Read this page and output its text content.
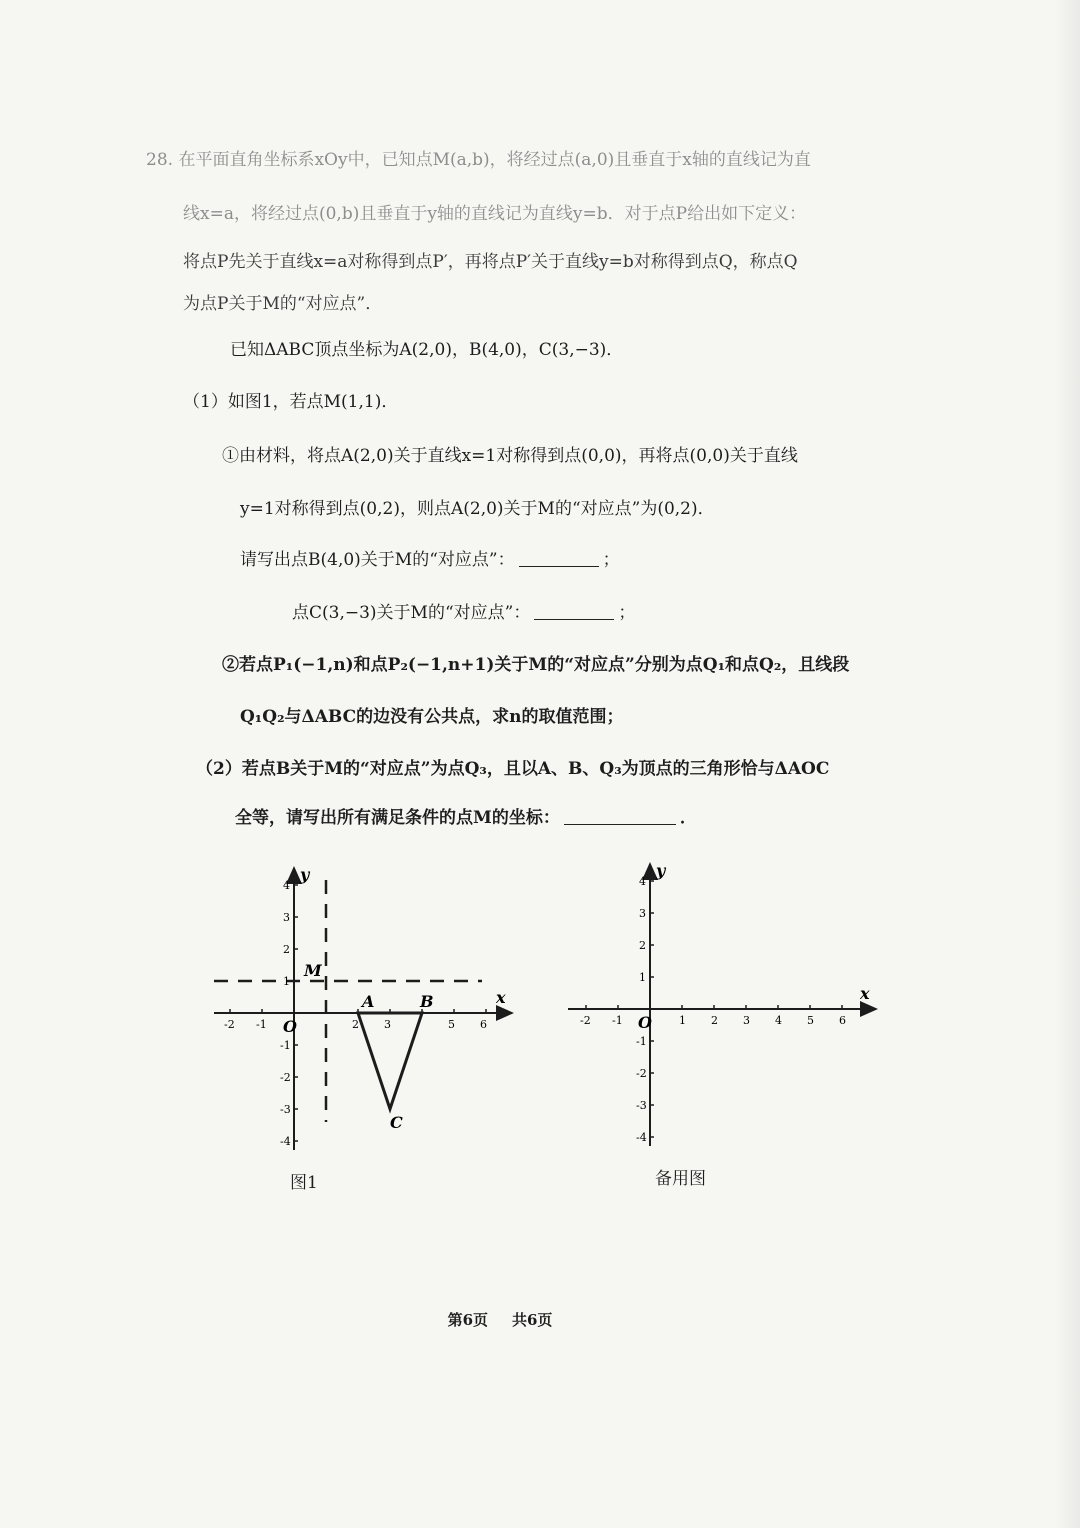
28. 在平面直角坐标系xOy中，已知点M(a,b)，将经过点(a,0)且垂直于x轴的直线记为直
线x=a，将经过点(0,b)且垂直于y轴的直线记为直线y=b．对于点P给出如下定义：
将点P先关于直线x=a对称得到点P′，再将点P′关于直线y=b对称得到点Q，称点Q
为点P关于M的“对应点”．
已知ΔABC顶点坐标为A(2,0)，B(4,0)，C(3,−3)．
（1）如图1，若点M(1,1)．
①由材料，将点A(2,0)关于直线x=1对称得到点(0,0)，再将点(0,0)关于直线
y=1对称得到点(0,2)，则点A(2,0)关于M的“对应点”为(0,2)．
请写出点B(4,0)关于M的“对应点”：	；
点C(3,−3)关于M的“对应点”：	；
②若点P₁(−1,n)和点P₂(−1,n+1)关于M的“对应点”分别为点Q₁和点Q₂，且线段
Q₁Q₂与ΔABC的边没有公共点，求n的取值范围；
（2）若点B关于M的“对应点”为点Q₃，且以A、B、Q₃为顶点的三角形恰与ΔAOC
全等，请写出所有满足条件的点M的坐标：	．
-2 -1	2 3	5 6
4
3
2
1
-1
-2
-3
-4
x
y
O
M
A	B
C
-2 -1	1 2 3 4 5 6
4
3
2
1
-1
-2
-3
-4
x
y
O
图1	备用图
第6页 共6页
